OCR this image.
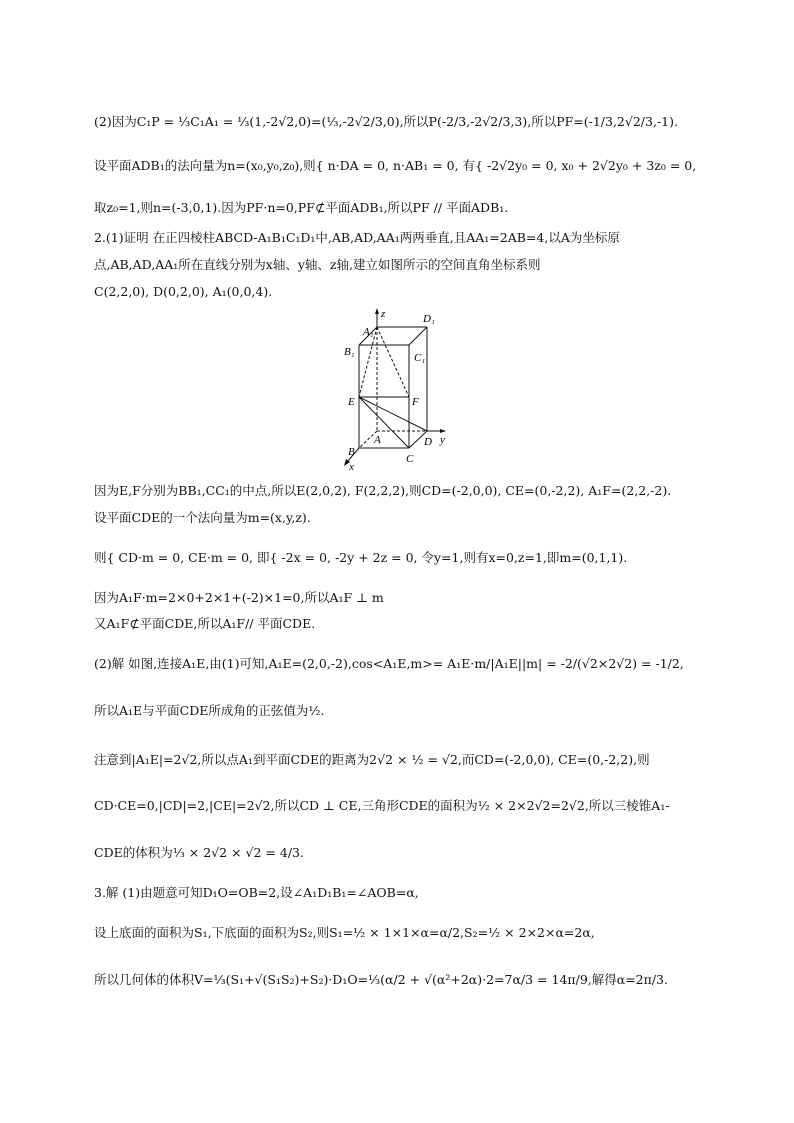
(2)因为C₁P = ⅓C₁A₁ = ⅓(1,-2√2,0)=(⅓,-2√2/3,0),所以P(-2/3,-2√2/3,3),所以PF=(-1/3,2√2/3,-1).
设平面ADB₁的法向量为n=(x₀,y₀,z₀),则{ n·DA = 0, n·AB₁ = 0, 有{ -2√2y₀ = 0, x₀ + 2√2y₀ + 3z₀ = 0,
取z₀=1,则n=(-3,0,1).因为PF·n=0,PF⊄平面ADB₁,所以PF // 平面ADB₁.
2.(1)证明 在正四棱柱ABCD-A₁B₁C₁D₁中,AB,AD,AA₁两两垂直,且AA₁=2AB=4,以A为坐标原
点,AB,AD,AA₁所在直线分别为x轴、y轴、z轴,建立如图所示的空间直角坐标系则
C(2,2,0), D(0,2,0), A₁(0,0,4).
A₁
z	D₁
B₁	C₁
E	F
A
B
D
C
y
x
因为E,F分别为BB₁,CC₁的中点,所以E(2,0,2), F(2,2,2),则CD=(-2,0,0), CE=(0,-2,2), A₁F=(2,2,-2).
设平面CDE的一个法向量为m=(x,y,z).
则{ CD·m = 0, CE·m = 0, 即{ -2x = 0, -2y + 2z = 0, 令y=1,则有x=0,z=1,即m=(0,1,1).
因为A₁F·m=2×0+2×1+(-2)×1=0,所以A₁F ⊥ m
又A₁F⊄平面CDE,所以A₁F// 平面CDE.
(2)解 如图,连接A₁E,由(1)可知,A₁E=(2,0,-2),cos<A₁E,m>= A₁E·m/|A₁E||m| = -2/(√2×2√2) = -1/2,
所以A₁E与平面CDE所成角的正弦值为½.
注意到|A₁E|=2√2,所以点A₁到平面CDE的距离为2√2 × ½ = √2,而CD=(-2,0,0), CE=(0,-2,2),则
CD·CE=0,|CD|=2,|CE|=2√2,所以CD ⊥ CE,三角形CDE的面积为½ × 2×2√2=2√2,所以三棱锥A₁-
CDE的体积为⅓ × 2√2 × √2 = 4/3.
3.解 (1)由题意可知D₁O=OB=2,设∠A₁D₁B₁=∠AOB=α,
设上底面的面积为S₁,下底面的面积为S₂,则S₁=½ × 1×1×α=α/2,S₂=½ × 2×2×α=2α,
所以几何体的体积V=⅓(S₁+√(S₁S₂)+S₂)·D₁O=⅓(α/2 + √(α²+2α)·2=7α/3 = 14π/9,解得α=2π/3.
